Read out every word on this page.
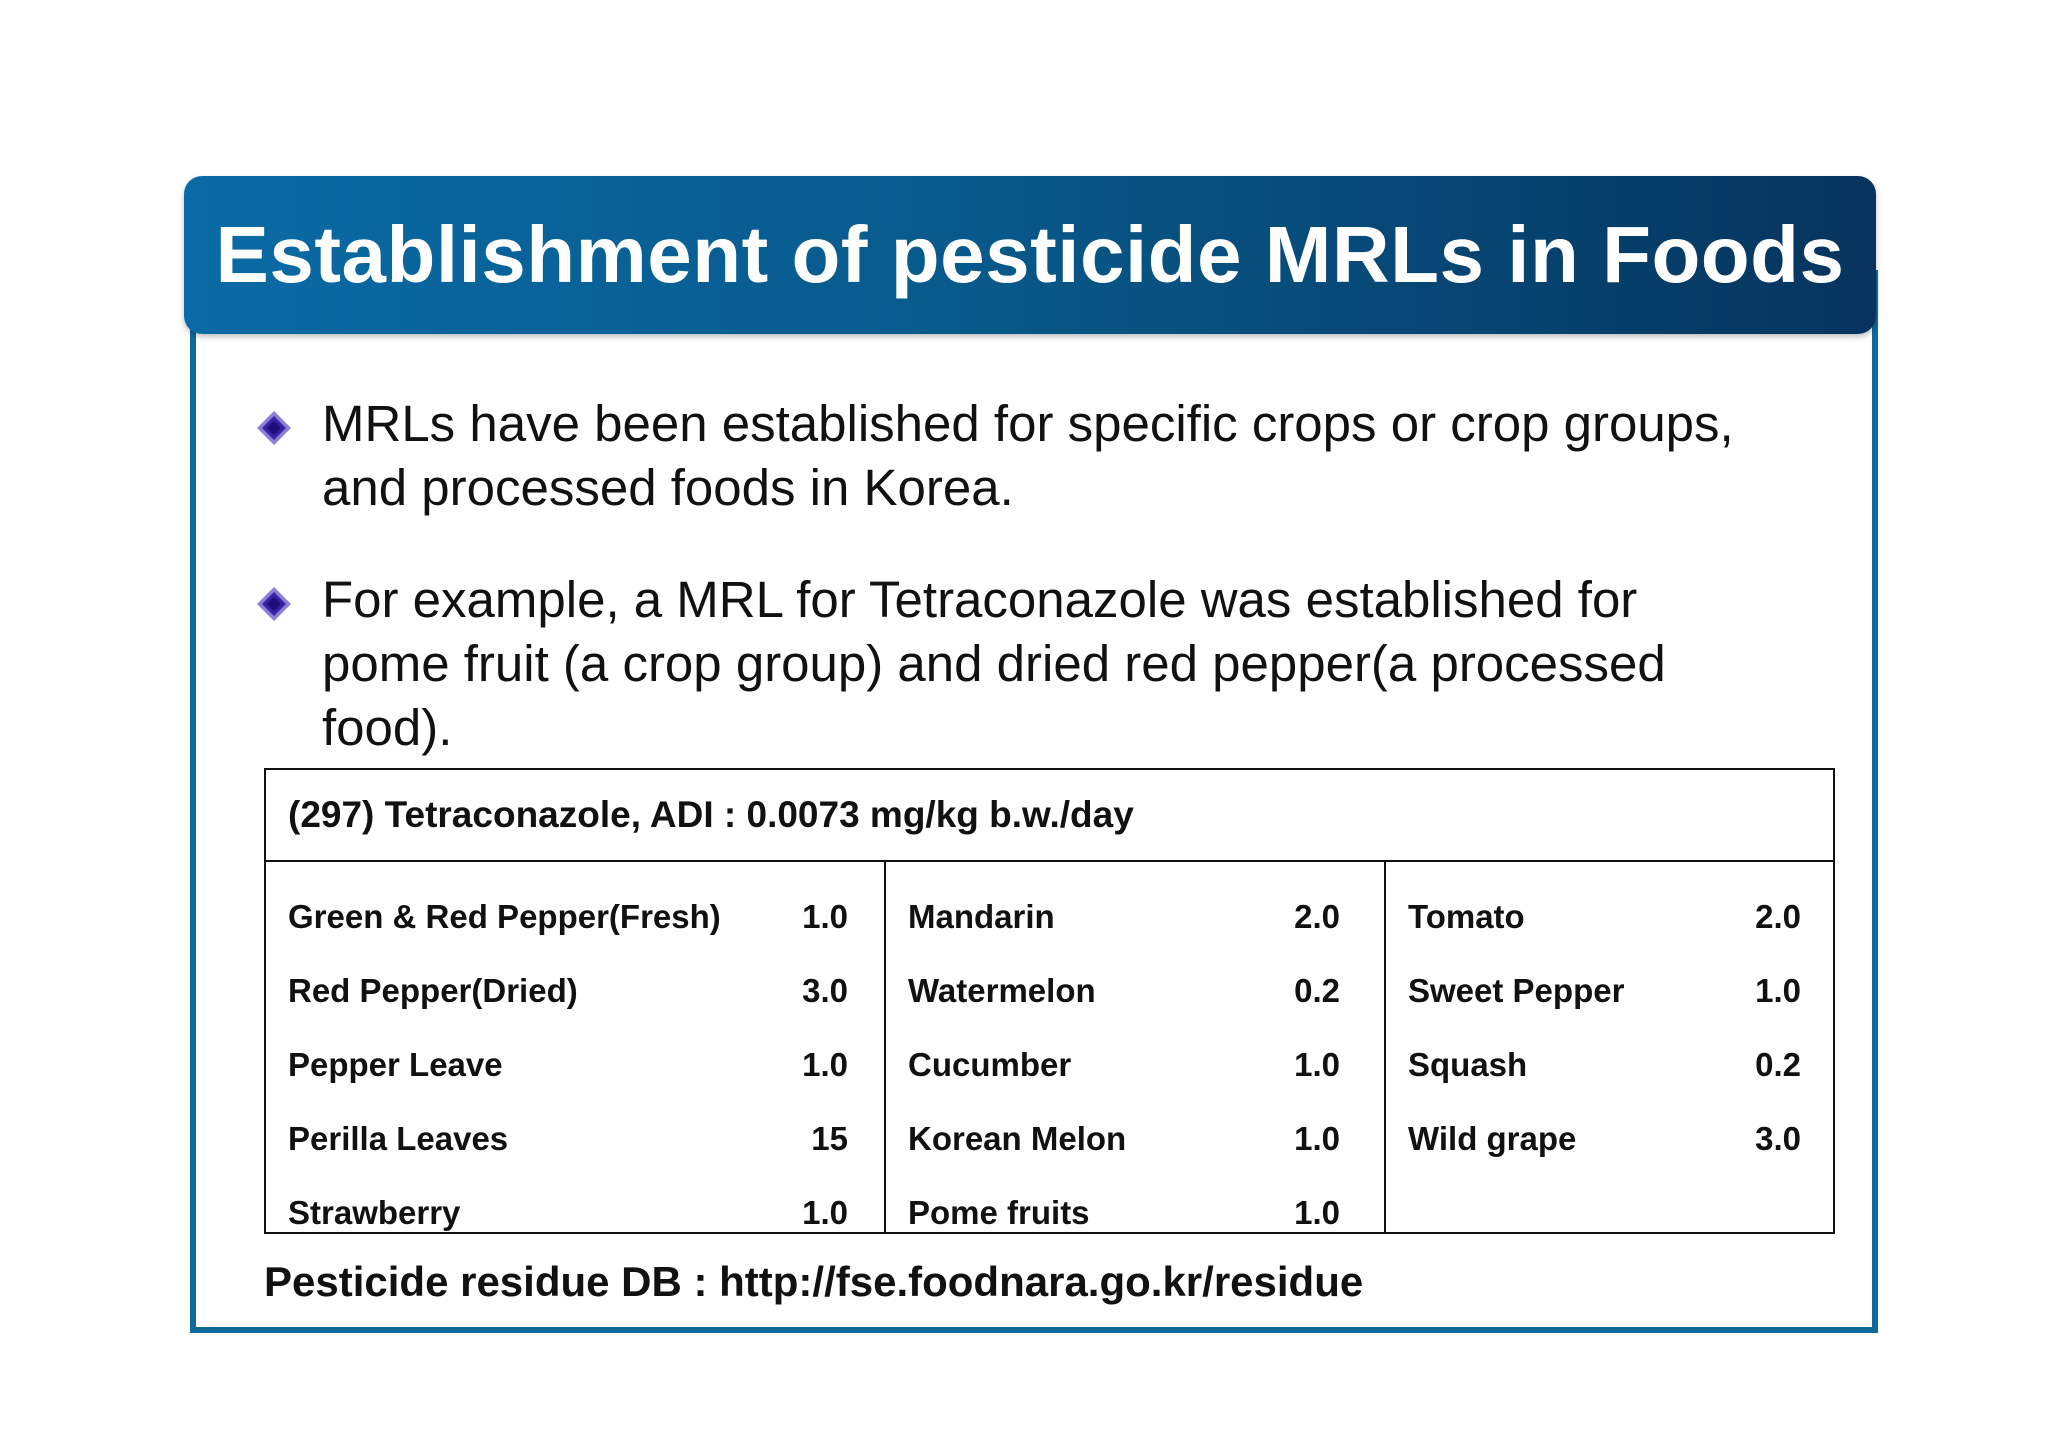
Establishment of pesticide MRLs in Foods
MRLs have been established for specific crops or crop groups,
and processed foods in Korea.
For example, a MRL for Tetraconazole was established for
pome fruit (a crop group) and dried red pepper(a processed
food).
(297) Tetraconazole, ADI : 0.0073 mg/kg b.w./day
Green & Red Pepper(Fresh) 1.0
Red Pepper(Dried)	3.0
Pepper Leave	1.0
Perilla Leaves	15
Strawberry	1.0
Mandarin	2.0
Watermelon	0.2
Cucumber	1.0
Korean Melon	1.0
Pome fruits	1.0
Tomato	2.0
Sweet Pepper	1.0
Squash	0.2
Wild grape	3.0
Pesticide residue DB : http://fse.foodnara.go.kr/residue
